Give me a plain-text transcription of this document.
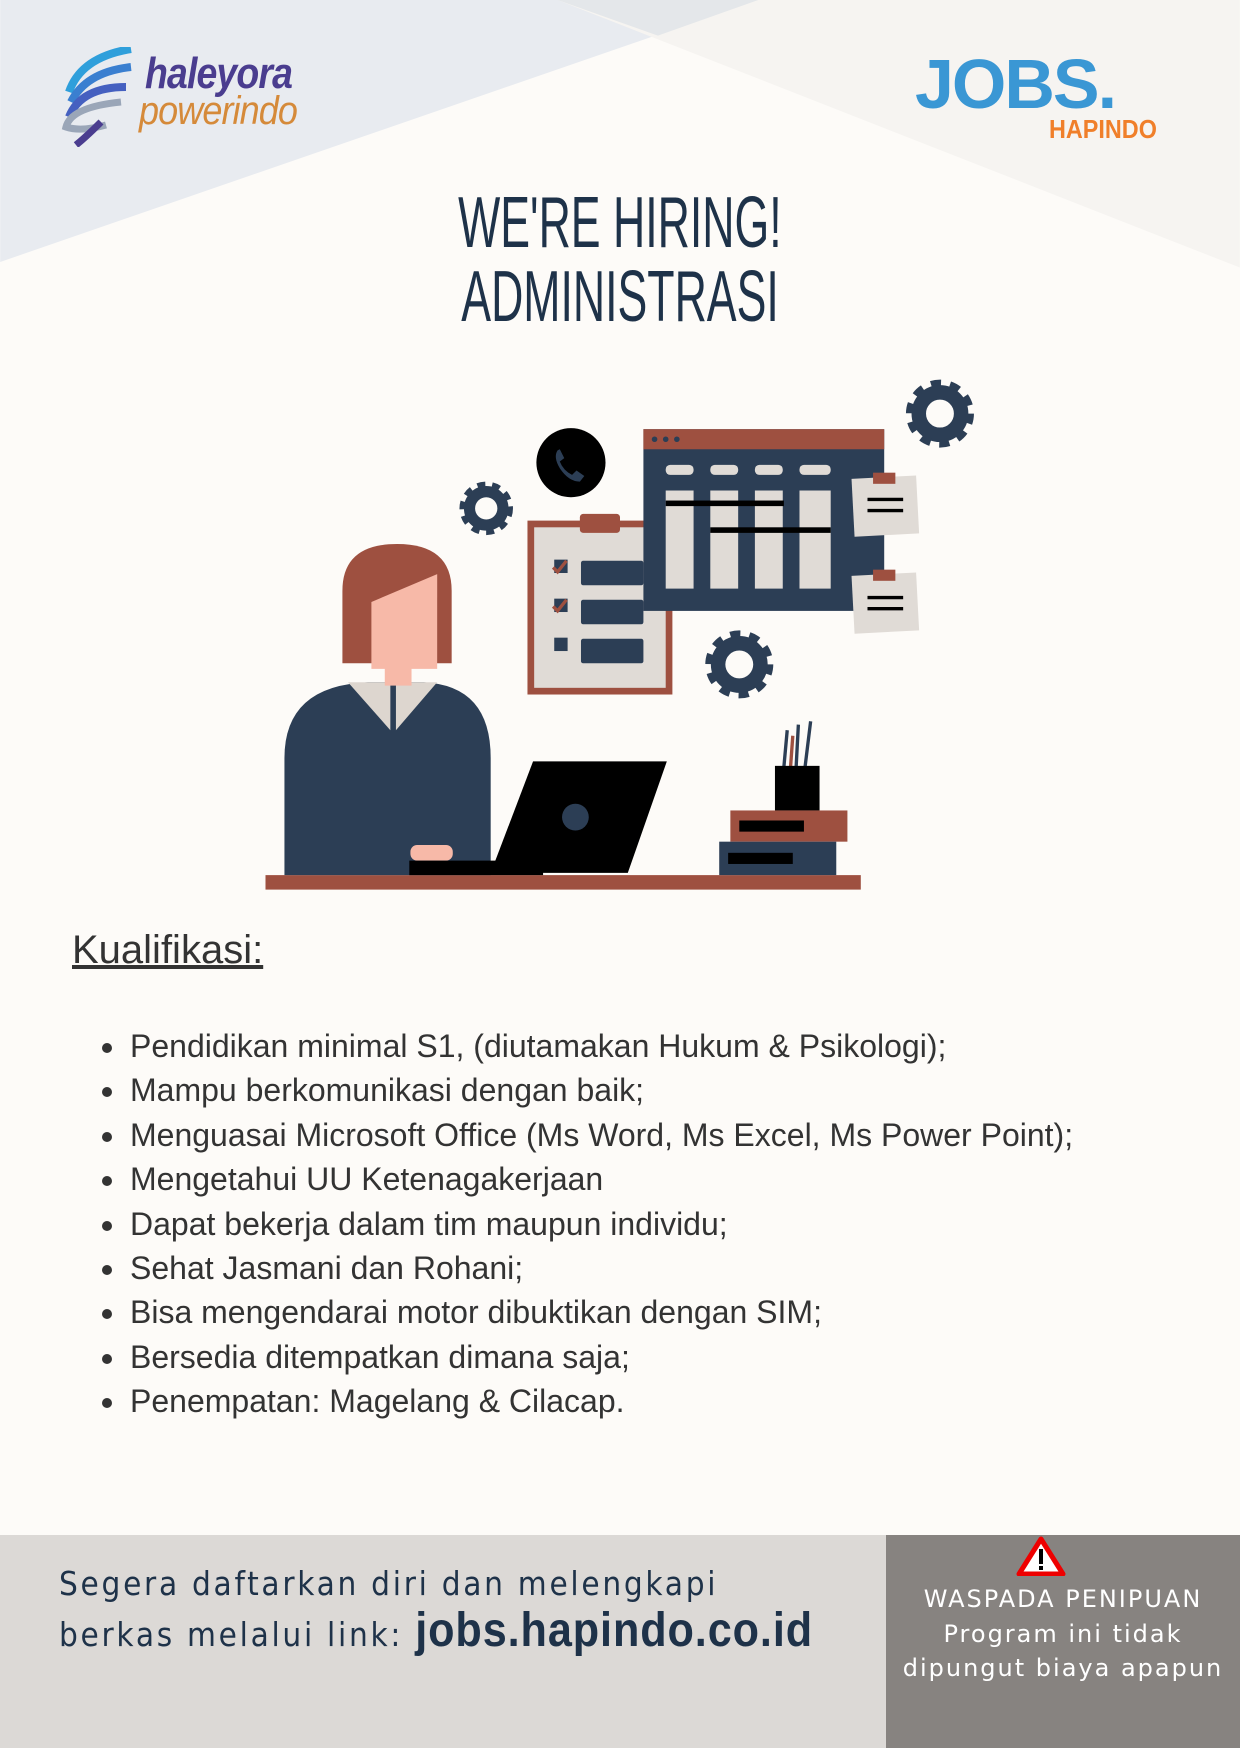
haleyora
powerindo	JOBS.
HAPINDO
WE'RE HIRING!
ADMINISTRASI
Kualifikasi:
• Pendidikan minimal S1, (diutamakan Hukum & Psikologi);
• Mampu berkomunikasi dengan baik;
• Menguasai Microsoft Office (Ms Word, Ms Excel, Ms Power Point);
• Mengetahui UU Ketenagakerjaan
• Dapat bekerja dalam tim maupun individu;
• Sehat Jasmani dan Rohani;
• Bisa mengendarai motor dibuktikan dengan SIM;
• Bersedia ditempatkan dimana saja;
• Penempatan: Magelang & Cilacap.
Segera daftarkan diri dan melengkapi
berkas melalui link: jobs.hapindo.co.id
WASPADA PENIPUAN
Program ini tidak
dipungut biaya apapun
